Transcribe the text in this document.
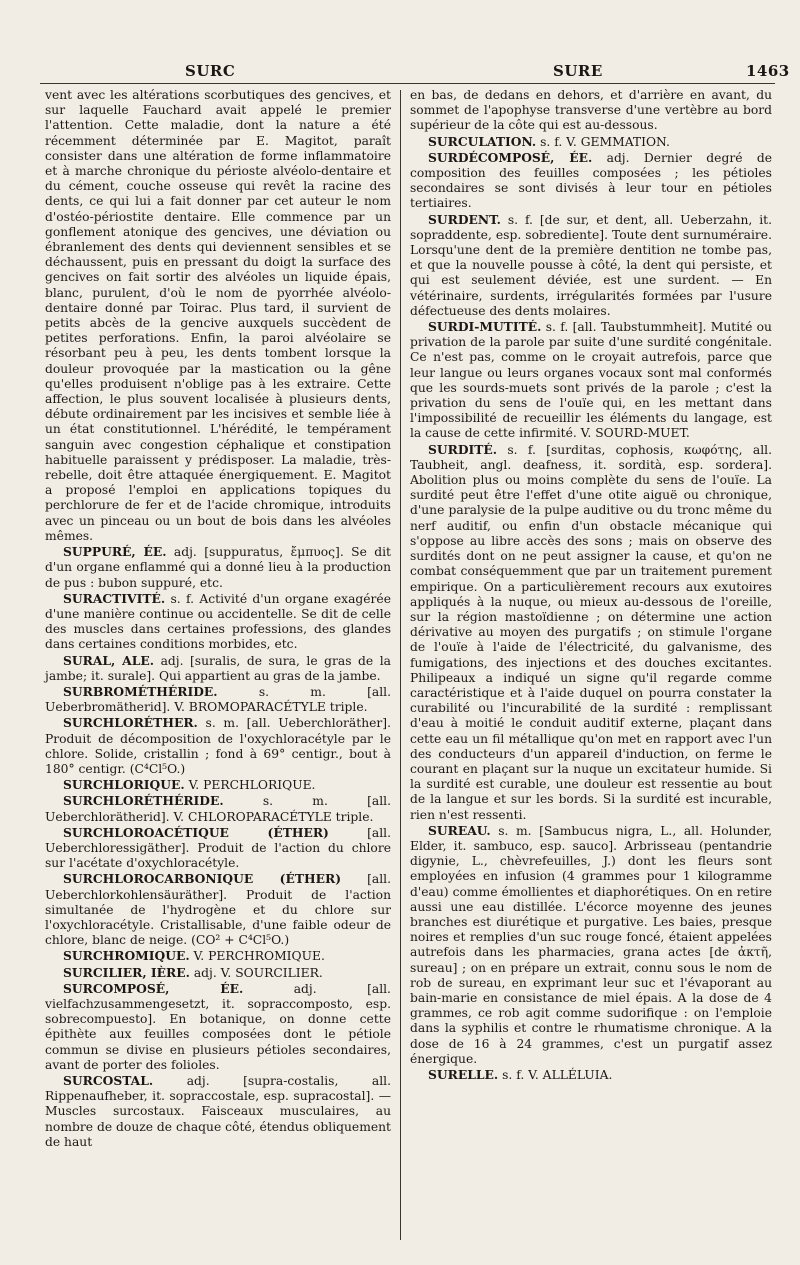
SURC	SURE	1463

vent avec les altérations scorbutiques des gencives, et sur laquelle Fauchard avait appelé le premier l'attention. Cette maladie, dont la nature a été récemment déterminée par E. Magitot, paraît consister dans une altération de forme inflammatoire et à marche chronique du périoste alvéolo-dentaire et du cément, couche osseuse qui revêt la racine des dents, ce qui lui a fait donner par cet auteur le nom d'ostéo-périostite dentaire. Elle commence par un gonflement atonique des gencives, une déviation ou ébranlement des dents qui deviennent sensibles et se déchaussent, puis en pressant du doigt la surface des gencives on fait sortir des alvéoles un liquide épais, blanc, purulent, d'où le nom de pyorrhée alvéolo-dentaire donné par Toirac. Plus tard, il survient de petits abcès de la gencive auxquels succèdent de petites perforations. Enfin, la paroi alvéolaire se résorbant peu à peu, les dents tombent lorsque la douleur provoquée par la mastication ou la gêne qu'elles produisent n'oblige pas à les extraire. Cette affection, le plus souvent localisée à plusieurs dents, débute ordinairement par les incisives et semble liée à un état constitutionnel. L'hérédité, le tempérament sanguin avec congestion céphalique et constipation habituelle paraissent y prédisposer. La maladie, très-rebelle, doit être attaquée énergiquement. E. Magitot a proposé l'emploi en applications topiques du perchlorure de fer et de l'acide chromique, introduits avec un pinceau ou un bout de bois dans les alvéoles mêmes.

SUPPURÉ, ÉE. adj. [suppuratus, ἔμπυος]. Se dit d'un organe enflammé qui a donné lieu à la production de pus : bubon suppuré, etc.

SURACTIVITÉ. s. f. Activité d'un organe exagérée d'une manière continue ou accidentelle. Se dit de celle des muscles dans certaines professions, des glandes dans certaines conditions morbides, etc.

SURAL, ALE. adj. [suralis, de sura, le gras de la jambe; it. surale]. Qui appartient au gras de la jambe.

SURBROMÉTHÉRIDE.	s. m. [all. Ueberbromätherid]. V. BROMOPARACÉTYLE triple.

SURCHLORÉTHER. s. m. [all. Ueberchloräther]. Produit de décomposition de l'oxychloracétyle par le chlore. Solide, cristallin ; fond à 69° centigr., bout à 180° centigr. (C⁴Cl⁵O.)

SURCHLORIQUE. V. PERCHLORIQUE.

SURCHLORÉTHÉRIDE.	s. m. [all. Ueberchlorätherid]. V. CHLOROPARACÉTYLE triple.

SURCHLOROACÉTIQUE (ÉTHER)	[all. Ueberchloressigäther]. Produit de l'action du chlore sur l'acétate d'oxychloracétyle.

SURCHLOROCARBONIQUE (ÉTHER) [all. Ueberchlorkohlensäuräther]. Produit de l'action simultanée de l'hydrogène et du chlore sur l'oxychloracétyle. Cristallisable, d'une faible odeur de chlore, blanc de neige. (CO² + C⁴Cl⁵O.)

SURCHROMIQUE. V. PERCHROMIQUE.

SURCILIER, IÈRE. adj. V. SOURCILIER.

SURCOMPOSÉ, ÉE.	adj. [all. vielfachzusammengesetzt, it. sopraccomposto, esp. sobrecompuesto]. En botanique, on donne cette épithète aux feuilles composées dont le pétiole commun se divise en plusieurs pétioles secondaires, avant de porter des folioles.

SURCOSTAL.	adj. [supra-costalis, all. Rippenaufheber, it. sopraccostale, esp. supracostal]. — Muscles surcostaux. Faisceaux musculaires, au nombre de douze de chaque côté, étendus obliquement de haut

en bas, de dedans en dehors, et d'arrière en avant, du sommet de l'apophyse transverse d'une vertèbre au bord supérieur de la côte qui est au-dessous.

SURCULATION. s. f. V. GEMMATION.

SURDÉCOMPOSÉ, ÉE. adj. Dernier degré de composition des feuilles composées ; les pétioles secondaires se sont divisés à leur tour en pétioles tertiaires.

SURDENT. s. f. [de sur, et dent, all. Ueberzahn, it. sopraddente, esp. sobrediente]. Toute dent surnuméraire. Lorsqu'une dent de la première dentition ne tombe pas, et que la nouvelle pousse à côté, la dent qui persiste, et qui est seulement déviée, est une surdent. — En vétérinaire, surdents, irrégularités formées par l'usure défectueuse des dents molaires.

SURDI-MUTITÉ. s. f. [all. Taubstummheit]. Mutité ou privation de la parole par suite d'une surdité congénitale. Ce n'est pas, comme on le croyait autrefois, parce que leur langue ou leurs organes vocaux sont mal conformés que les sourds-muets sont privés de la parole ; c'est la privation du sens de l'ouïe qui, en les mettant dans l'impossibilité de recueillir les éléments du langage, est la cause de cette infirmité. V. SOURD-MUET.

SURDITÉ. s. f. [surditas, cophosis, κωφότης, all. Taubheit, angl. deafness, it. sordità, esp. sordera]. Abolition plus ou moins complète du sens de l'ouïe. La surdité peut être l'effet d'une otite aiguë ou chronique, d'une paralysie de la pulpe auditive ou du tronc même du nerf auditif, ou enfin d'un obstacle mécanique qui s'oppose au libre accès des sons ; mais on observe des surdités dont on ne peut assigner la cause, et qu'on ne combat conséquemment que par un traitement purement empirique. On a particulièrement recours aux exutoires appliqués à la nuque, ou mieux au-dessous de l'oreille, sur la région mastoïdienne ; on détermine une action dérivative au moyen des purgatifs ; on stimule l'organe de l'ouïe à l'aide de l'électricité, du galvanisme, des fumigations, des injections et des douches excitantes. Philipeaux a indiqué un signe qu'il regarde comme caractéristique et à l'aide duquel on pourra constater la curabilité ou l'incurabilité de la surdité : remplissant d'eau à moitié le conduit auditif externe, plaçant dans cette eau un fil métallique qu'on met en rapport avec l'un des conducteurs d'un appareil d'induction, on ferme le courant en plaçant sur la nuque un excitateur humide. Si la surdité est curable, une douleur est ressentie au bout de la langue et sur les bords. Si la surdité est incurable, rien n'est ressenti.

SUREAU. s. m. [Sambucus nigra, L., all. Holunder, Elder, it. sambuco, esp. sauco]. Arbrisseau (pentandrie digynie, L., chèvrefeuilles, J.) dont les fleurs sont employées en infusion (4 grammes pour 1 kilogramme d'eau) comme émollientes et diaphorétiques. On en retire aussi une eau distillée. L'écorce moyenne des jeunes branches est diurétique et purgative. Les baies, presque noires et remplies d'un suc rouge foncé, étaient appelées autrefois dans les pharmacies, grana actes [de ἀκτῆ, sureau] ; on en prépare un extrait, connu sous le nom de rob de sureau, en exprimant leur suc et l'évaporant au bain-marie en consistance de miel épais. A la dose de 4 grammes, ce rob agit comme sudorifique : on l'emploie dans la syphilis et contre le rhumatisme chronique. A la dose de 16 à 24 grammes, c'est un purgatif assez énergique.

SURELLE. s. f. V. ALLÉLUIA.
